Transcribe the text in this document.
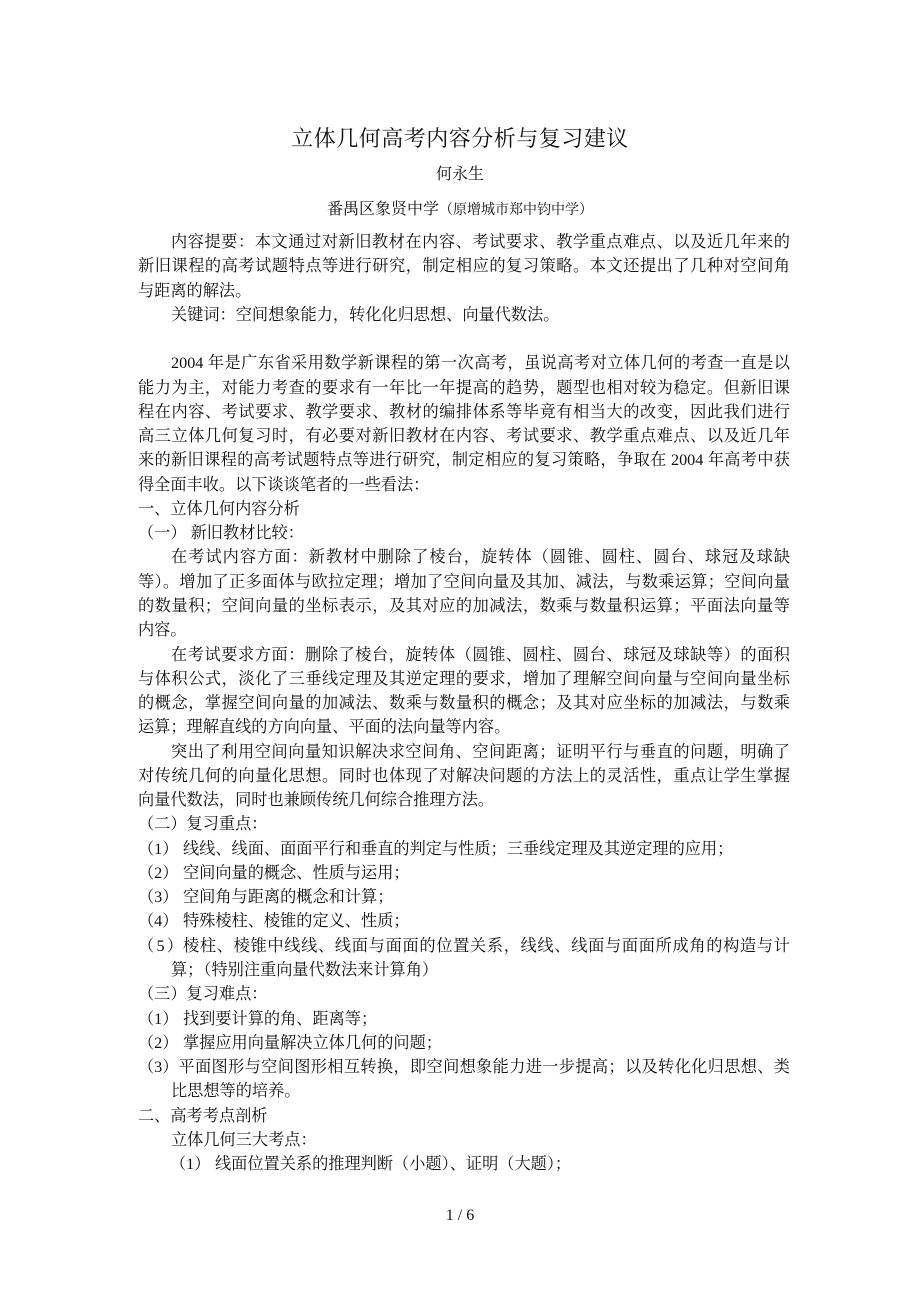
立体几何高考内容分析与复习建议
何永生
番禺区象贤中学（原增城市郑中钧中学）
内容提要：本文通过对新旧教材在内容、考试要求、教学重点难点、以及近几年来的
新旧课程的高考试题特点等进行研究，制定相应的复习策略。本文还提出了几种对空间角
与距离的解法。
关键词：空间想象能力，转化化归思想、向量代数法。
2004 年是广东省采用数学新课程的第一次高考，虽说高考对立体几何的考查一直是以
能力为主，对能力考查的要求有一年比一年提高的趋势，题型也相对较为稳定。但新旧课
程在内容、考试要求、教学要求、教材的编排体系等毕竟有相当大的改变，因此我们进行
高三立体几何复习时，有必要对新旧教材在内容、考试要求、教学重点难点、以及近几年
来的新旧课程的高考试题特点等进行研究，制定相应的复习策略，争取在 2004 年高考中获
得全面丰收。以下谈谈笔者的一些看法：
一、立体几何内容分析
（一） 新旧教材比较：
在考试内容方面：新教材中删除了棱台，旋转体（圆锥、圆柱、圆台、球冠及球缺
等）。增加了正多面体与欧拉定理；增加了空间向量及其加、减法，与数乘运算；空间向量
的数量积；空间向量的坐标表示，及其对应的加减法，数乘与数量积运算；平面法向量等
内容。
在考试要求方面：删除了棱台，旋转体（圆锥、圆柱、圆台、球冠及球缺等）的面积
与体积公式，淡化了三垂线定理及其逆定理的要求，增加了理解空间向量与空间向量坐标
的概念，掌握空间向量的加减法、数乘与数量积的概念；及其对应坐标的加减法，与数乘
运算；理解直线的方向向量、平面的法向量等内容。
突出了利用空间向量知识解决求空间角、空间距离；证明平行与垂直的问题，明确了
对传统几何的向量化思想。同时也体现了对解决问题的方法上的灵活性，重点让学生掌握
向量代数法，同时也兼顾传统几何综合推理方法。
（二）复习重点：
（1） 线线、线面、面面平行和垂直的判定与性质；三垂线定理及其逆定理的应用；
（2） 空间向量的概念、性质与运用；
（3） 空间角与距离的概念和计算；
（4） 特殊棱柱、棱锥的定义、性质；
（5） 棱柱、棱锥中线线、线面与面面的位置关系，线线、线面与面面所成角的构造与计
算；（特别注重向量代数法来计算角）
（三）复习难点：
（1） 找到要计算的角、距离等；
（2） 掌握应用向量解决立体几何的问题；
（3） 平面图形与空间图形相互转换，即空间想象能力进一步提高；以及转化化归思想、类
比思想等的培养。
二、高考考点剖析
立体几何三大考点：
（1） 线面位置关系的推理判断（小题）、证明（大题）；
1 / 6
